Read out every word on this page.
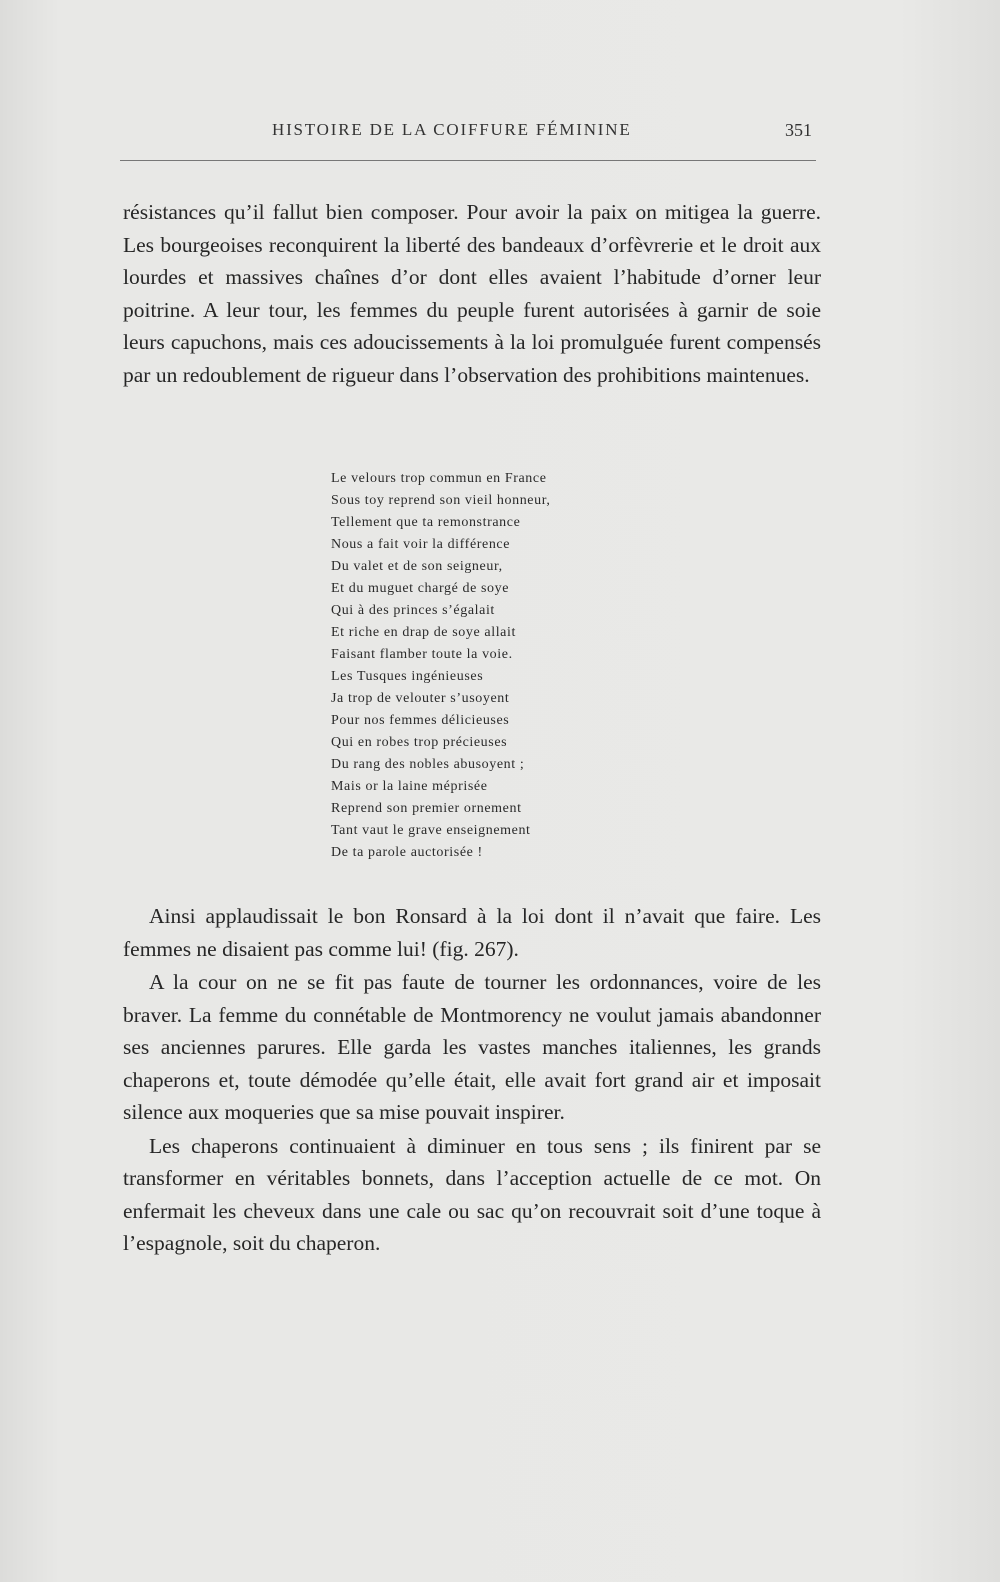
HISTOIRE DE LA COIFFURE FÉMININE	351

résistances qu’il fallut bien composer. Pour avoir la paix on mitigea la guerre. Les bourgeoises reconquirent la liberté des bandeaux d’orfèvrerie et le droit aux lourdes et massives chaînes d’or dont elles avaient l’habitude d’orner leur poitrine. A leur tour, les femmes du peuple furent autorisées à garnir de soie leurs capuchons, mais ces adoucissements à la loi promulguée furent compensés par un redoublement de rigueur dans l’observation des prohibitions maintenues.

Le velours trop commun en France
Sous toy reprend son vieil honneur,
Tellement que ta remonstrance
Nous a fait voir la différence
Du valet et de son seigneur,
Et du muguet chargé de soye
Qui à des princes s’égalait
Et riche en drap de soye allait
Faisant flamber toute la voie.
Les Tusques ingénieuses
Ja trop de velouter s’usoyent
Pour nos femmes délicieuses
Qui en robes trop précieuses
Du rang des nobles abusoyent ;
Mais or la laine méprisée
Reprend son premier ornement
Tant vaut le grave enseignement
De ta parole auctorisée !

Ainsi applaudissait le bon Ronsard à la loi dont il n’avait que faire. Les femmes ne disaient pas comme lui! (fig. 267).

A la cour on ne se fit pas faute de tourner les ordonnances, voire de les braver. La femme du connétable de Montmorency ne voulut jamais abandonner ses anciennes parures. Elle garda les vastes manches italiennes, les grands chaperons et, toute démodée qu’elle était, elle avait fort grand air et imposait silence aux moqueries que sa mise pouvait inspirer.

Les chaperons continuaient à diminuer en tous sens ; ils finirent par se transformer en véritables bonnets, dans l’acception actuelle de ce mot. On enfermait les cheveux dans une cale ou sac qu’on recouvrait soit d’une toque à l’espagnole, soit du chaperon.
